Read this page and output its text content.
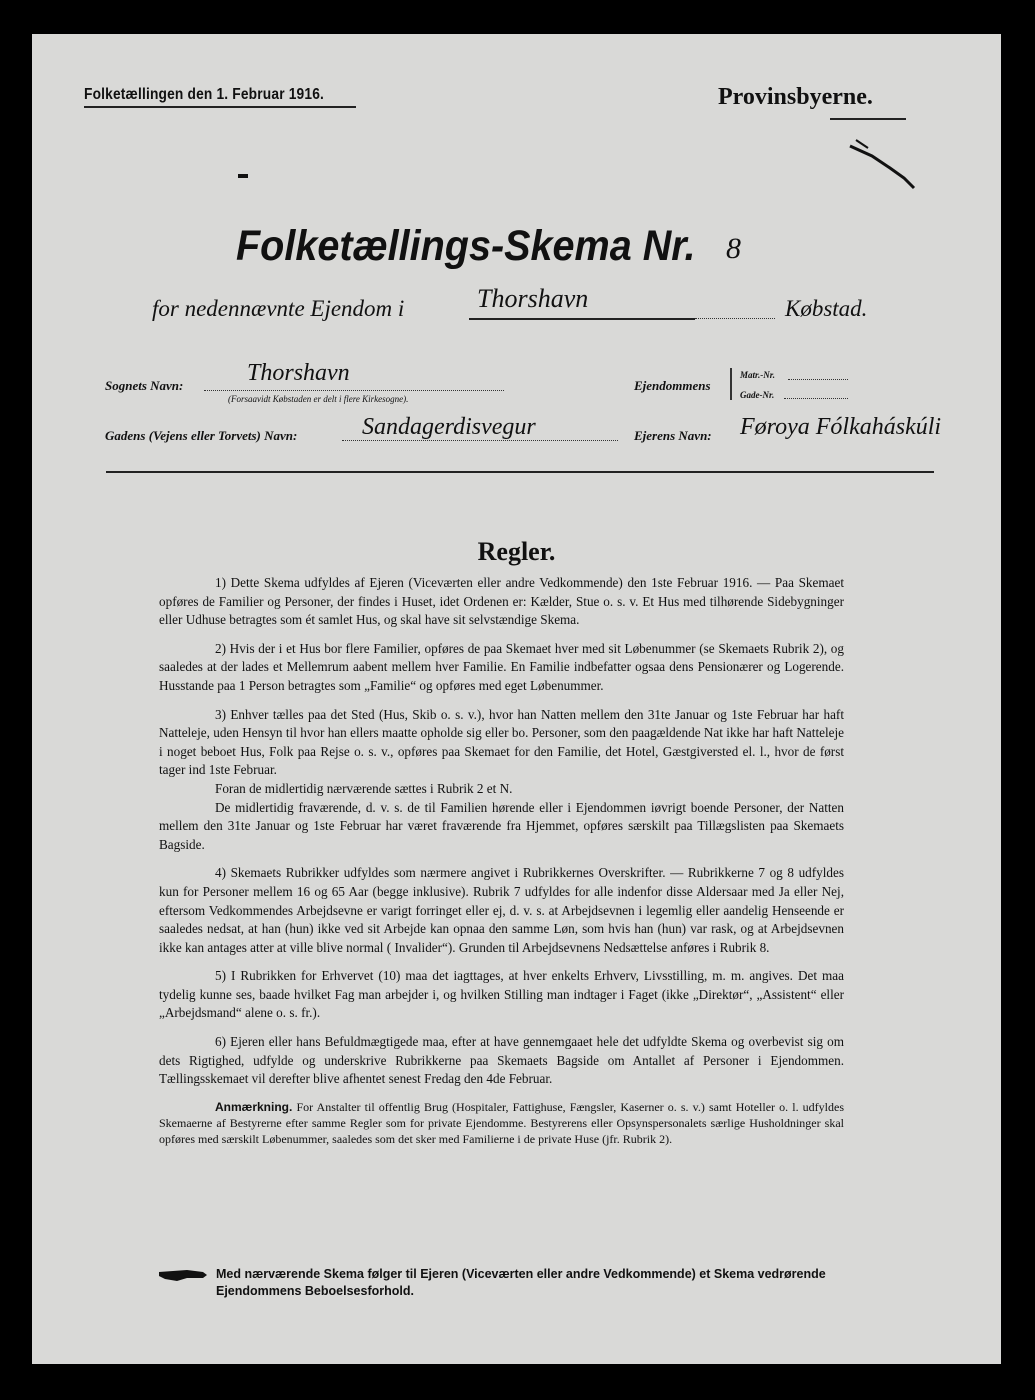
Folketællingen den 1. Februar 1916.	Provinsbyerne.
Folketællings-Skema Nr. 8
for nedennævnte Ejendom i	Thorshavn	Købstad.
Sognets Navn:	Thorshavn
(Forsaavidt Købstaden er delt i flere Kirkesogne).
Ejendommens
Matr.-Nr.
Gade-Nr.
Gadens (Vejens eller Torvets) Navn:	Sandagerdisvegur	Ejerens Navn: Føroya Fólkaháskúli
Regler.

1) Dette Skema udfyldes af Ejeren (Viceværten eller andre Vedkommende) den 1ste Februar 1916. — Paa Skemaet opføres de Familier og Personer, der findes i Huset, idet Ordenen er: Kælder, Stue o. s. v. Et Hus med tilhørende Sidebygninger eller Udhuse betragtes som ét samlet Hus, og skal have sit selvstændige Skema.

2) Hvis der i et Hus bor flere Familier, opføres de paa Skemaet hver med sit Løbenummer (se Skemaets Rubrik 2), og saaledes at der lades et Mellemrum aabent mellem hver Familie. En Familie indbefatter ogsaa dens Pensionærer og Logerende. Husstande paa 1 Person betragtes som „Familie“ og opføres med eget Løbenummer.

3) Enhver tælles paa det Sted (Hus, Skib o. s. v.), hvor han Natten mellem den 31te Januar og 1ste Februar har haft Natteleje, uden Hensyn til hvor han ellers maatte opholde sig eller bo. Personer, som den paagældende Nat ikke har haft Natteleje i noget beboet Hus, Folk paa Rejse o. s. v., opføres paa Skemaet for den Familie, det Hotel, Gæstgiversted el. l., hvor de først tager ind 1ste Februar.

Foran de midlertidig nærværende sættes i Rubrik 2 et N.

De midlertidig fraværende, d. v. s. de til Familien hørende eller i Ejendommen iøvrigt boende Personer, der Natten mellem den 31te Januar og 1ste Februar har været fraværende fra Hjemmet, opføres særskilt paa Tillægslisten paa Skemaets Bagside.

4) Skemaets Rubrikker udfyldes som nærmere angivet i Rubrikkernes Overskrifter. — Rubrikkerne 7 og 8 udfyldes kun for Personer mellem 16 og 65 Aar (begge inklusive). Rubrik 7 udfyldes for alle indenfor disse Aldersaar med Ja eller Nej, eftersom Vedkommendes Arbejdsevne er varigt forringet eller ej, d. v. s. at Arbejdsevnen i legemlig eller aandelig Henseende er saaledes nedsat, at han (hun) ikke ved sit Arbejde kan opnaa den samme Løn, som hvis han (hun) var rask, og at Arbejdsevnen ikke kan antages atter at ville blive normal ( Invalider“). Grunden til Arbejdsevnens Nedsættelse anføres i Rubrik 8.

5) I Rubrikken for Erhvervet (10) maa det iagttages, at hver enkelts Erhverv, Livsstilling, m. m. angives. Det maa tydelig kunne ses, baade hvilket Fag man arbejder i, og hvilken Stilling man indtager i Faget (ikke „Direktør“, „Assistent“ eller „Arbejdsmand“ alene o. s. fr.).

6) Ejeren eller hans Befuldmægtigede maa, efter at have gennemgaaet hele det udfyldte Skema og overbevist sig om dets Rigtighed, udfylde og underskrive Rubrikkerne paa Skemaets Bagside om Antallet af Personer i Ejendommen. Tællingsskemaet vil derefter blive afhentet senest Fredag den 4de Februar.

Anmærkning. For Anstalter til offentlig Brug (Hospitaler, Fattighuse, Fængsler, Kaserner o. s. v.) samt Hoteller o. l. udfyldes Skemaerne af Bestyrerne efter samme Regler som for private Ejendomme. Bestyrerens eller Opsynspersonalets særlige Husholdninger skal opføres med særskilt Løbenummer, saaledes som det sker med Familierne i de private Huse (jfr. Rubrik 2).

Med nærværende Skema følger til Ejeren (Viceværten eller andre Vedkommende) et Skema vedrørende Ejendommens Beboelsesforhold.
